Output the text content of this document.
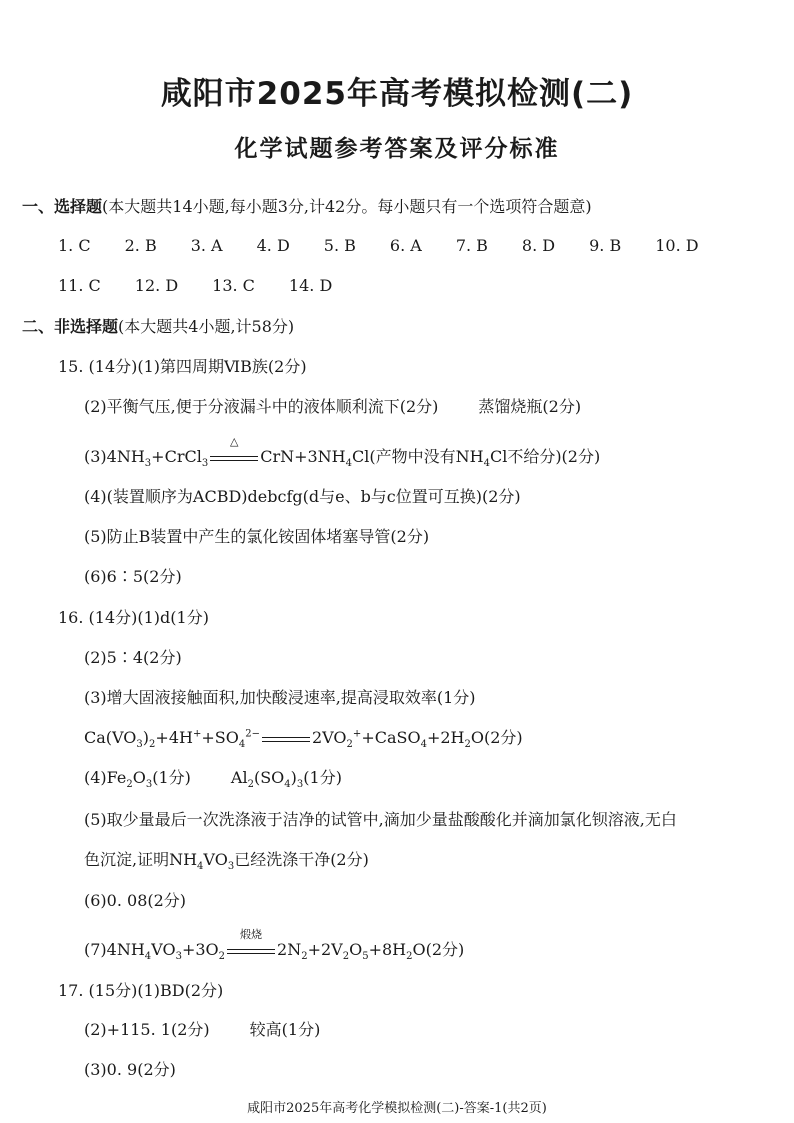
咸阳市2025年高考模拟检测(二)
化学试题参考答案及评分标准
一、选择题(本大题共14小题,每小题3分,计42分。每小题只有一个选项符合题意)
1. C 2. B 3. A 4. D 5. B 6. A 7. B 8. D 9. B 10. D
11. C 12. D 13. C 14. D
二、非选择题(本大题共4小题,计58分)
15. (14分)(1)第四周期ⅥB族(2分)
(2)平衡气压,便于分液漏斗中的液体顺利流下(2分)	蒸馏烧瓶(2分)
$(3)4NH_3+CrCl_3$
△
$CrN+3NH_4Cl$(产物中没有$NH_4Cl$不给分)(2分)
(4)(装置顺序为ACBD)debcfg(d与e、b与c位置可互换)(2分)
(5)防止B装置中产生的氯化铵固体堵塞导管(2分)
(6)6∶5(2分)
16. (14分)(1)d(1分)
(2)5∶4(2分)
(3)增大固液接触面积,加快酸浸速率,提高浸取效率(1分)
$Ca(VO_3)_2+4H^++SO_4^{2-}$	$2VO_2^++CaSO_4+2H_2O(2$分)
$(4)Fe_2O_3(1$分)	$Al_2(SO_4)_3(1$分)
(5)取少量最后一次洗涤液于洁净的试管中,滴加少量盐酸酸化并滴加氯化钡溶液,无白
色沉淀,证明$NH_4VO_3$已经洗涤干净(2分)
(6)0. 08(2分)
$(7)4NH_4VO_3+3O_2$
煅烧
$2N_2+2V_2O_5+8H_2O(2$分)
17. (15分)(1)BD(2分)
(2)+115. 1(2分)	较高(1分)
(3)0. 9(2分)
咸阳市2025年高考化学模拟检测(二)-答案-1(共2页)
